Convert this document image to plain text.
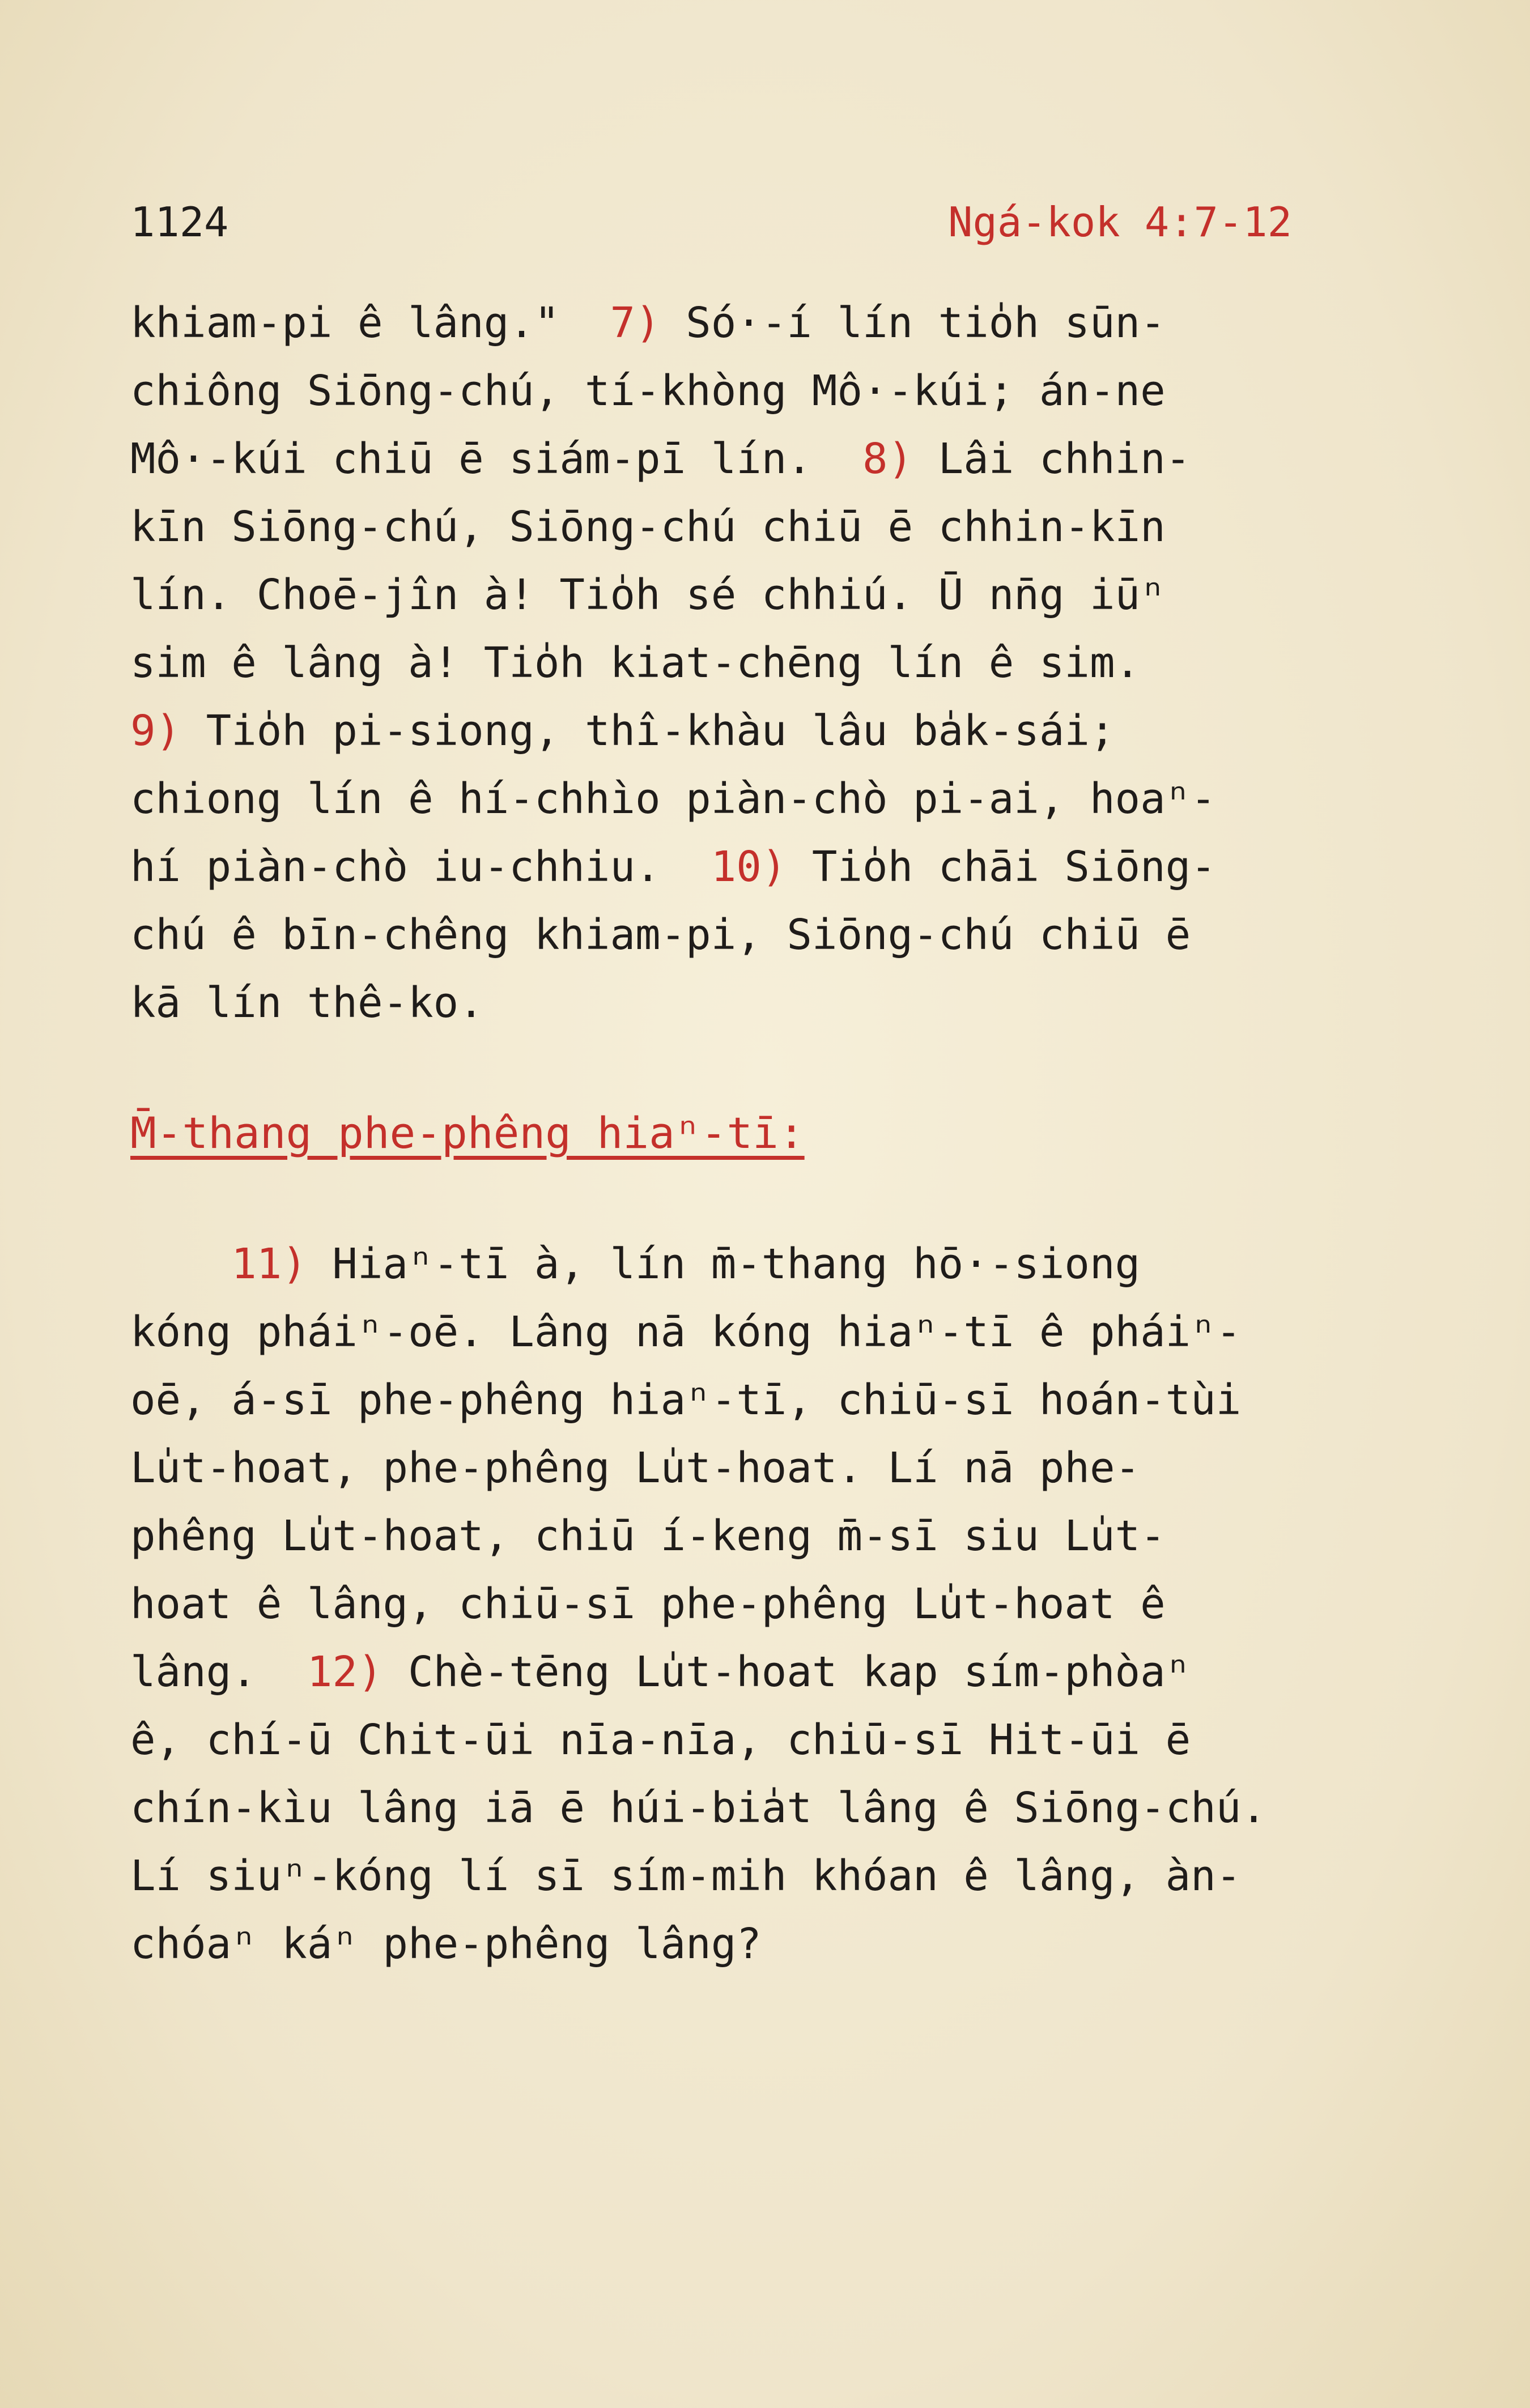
1124	Ngá-kok 4:7-12
khiam-pi ê lâng."  7) Só·-í lín tio̍h sūn-
chiông Siōng-chú, tí-khòng Mô·-kúi; án-ne
Mô·-kúi chiū ē siám-pī lín.  8) Lâi chhin-
kīn Siōng-chú, Siōng-chú chiū ē chhin-kīn
lín. Choē-jîn à! Tio̍h sé chhiú. Ū nn̄g iūⁿ
sim ê lâng à! Tio̍h kiat-chēng lín ê sim.
9) Tio̍h pi-siong, thî-khàu lâu ba̍k-sái;
chiong lín ê hí-chhìo piàn-chò pi-ai, hoaⁿ-
hí piàn-chò iu-chhiu.  10) Tio̍h chāi Siōng-
chú ê bīn-chêng khiam-pi, Siōng-chú chiū ē
kā lín thê-ko.
M̄-thang phe-phêng hiaⁿ-tī:
11) Hiaⁿ-tī à, lín m̄-thang hō·-siong
kóng pháiⁿ-oē. Lâng nā kóng hiaⁿ-tī ê pháiⁿ-
oē, á-sī phe-phêng hiaⁿ-tī, chiū-sī hoán-tùi
Lu̍t-hoat, phe-phêng Lu̍t-hoat. Lí nā phe-
phêng Lu̍t-hoat, chiū í-keng m̄-sī siu Lu̍t-
hoat ê lâng, chiū-sī phe-phêng Lu̍t-hoat ê
lâng.  12) Chè-tēng Lu̍t-hoat kap sím-phòaⁿ
ê, chí-ū Chit-ūi nīa-nīa, chiū-sī Hit-ūi ē
chín-kìu lâng iā ē húi-bia̍t lâng ê Siōng-chú.
Lí siuⁿ-kóng lí sī sím-mih khóan ê lâng, àn-
chóaⁿ káⁿ phe-phêng lâng?
